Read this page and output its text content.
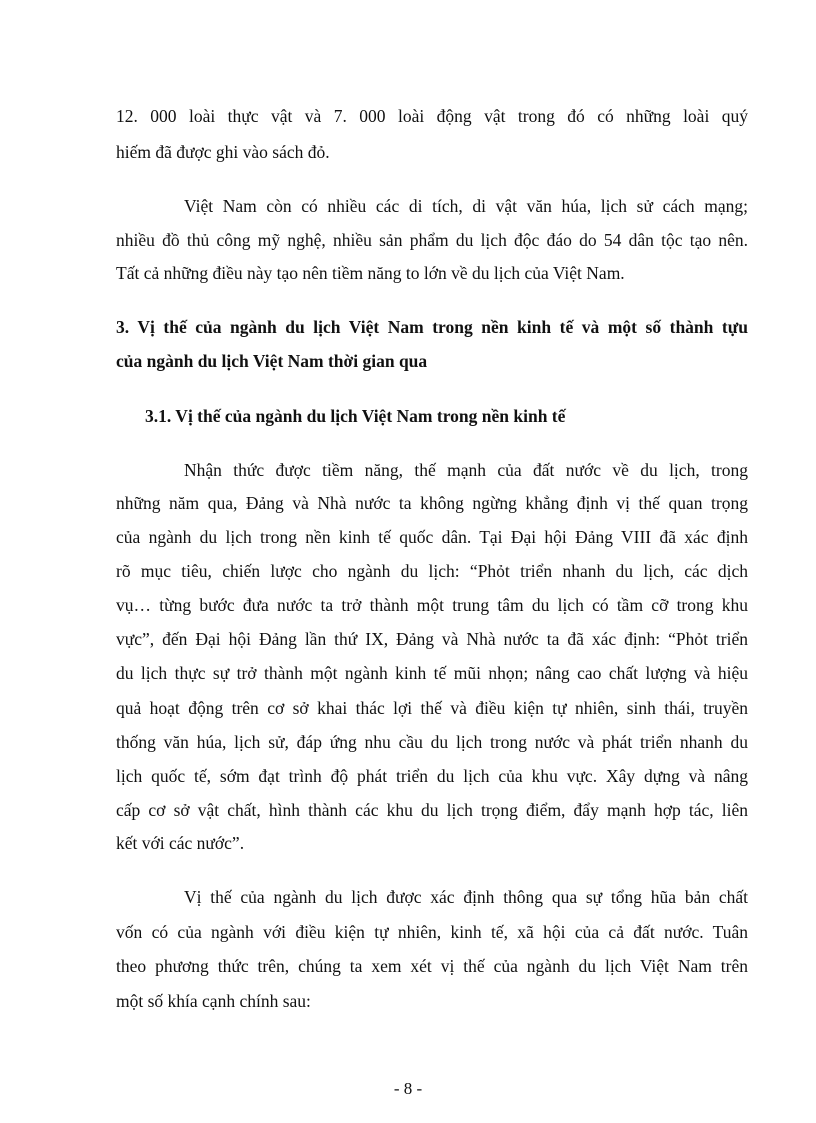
12. 000 loài thực vật và 7. 000 loài động vật trong đó có những loài quý
hiếm đã được ghi vào sách đỏ.
Việt Nam còn có nhiều các di tích, di vật văn húa, lịch sử cách mạng;
nhiều đồ thủ công mỹ nghệ, nhiều sản phẩm du lịch độc đáo do 54 dân tộc tạo nên.
Tất cả những điều này tạo nên tiềm năng to lớn về du lịch của Việt Nam.
3. Vị thế của ngành du lịch Việt Nam trong nền kinh tế và một số thành tựu
của ngành du lịch Việt Nam thời gian qua
3.1. Vị thế của ngành du lịch Việt Nam trong nền kinh tế
Nhận thức được tiềm năng, thế mạnh của đất nước về du lịch, trong
những năm qua, Đảng và Nhà nước ta không ngừng khẳng định vị thế quan trọng
của ngành du lịch trong nền kinh tế quốc dân. Tại Đại hội Đảng VIII đã xác định
rõ mục tiêu, chiến lược cho ngành du lịch: “Phỏt triển nhanh du lịch, các dịch
vụ… từng bước đưa nước ta trở thành một trung tâm du lịch có tầm cỡ trong khu
vực”, đến Đại hội Đảng lần thứ IX, Đảng và Nhà nước ta đã xác định: “Phỏt triển
du lịch thực sự trở thành một ngành kinh tế mũi nhọn; nâng cao chất lượng và hiệu
quả hoạt động trên cơ sở khai thác lợi thế và điều kiện tự nhiên, sinh thái, truyền
thống văn húa, lịch sử, đáp ứng nhu cầu du lịch trong nước và phát triển nhanh du
lịch quốc tế, sớm đạt trình độ phát triển du lịch của khu vực. Xây dựng và nâng
cấp cơ sở vật chất, hình thành các khu du lịch trọng điểm, đẩy mạnh hợp tác, liên
kết với các nước”.
Vị thế của ngành du lịch được xác định thông qua sự tổng hũa bản chất
vốn có của ngành với điều kiện tự nhiên, kinh tế, xã hội của cả đất nước. Tuân
theo phương thức trên, chúng ta xem xét vị thế của ngành du lịch Việt Nam trên
một số khía cạnh chính sau:
- 8 -
